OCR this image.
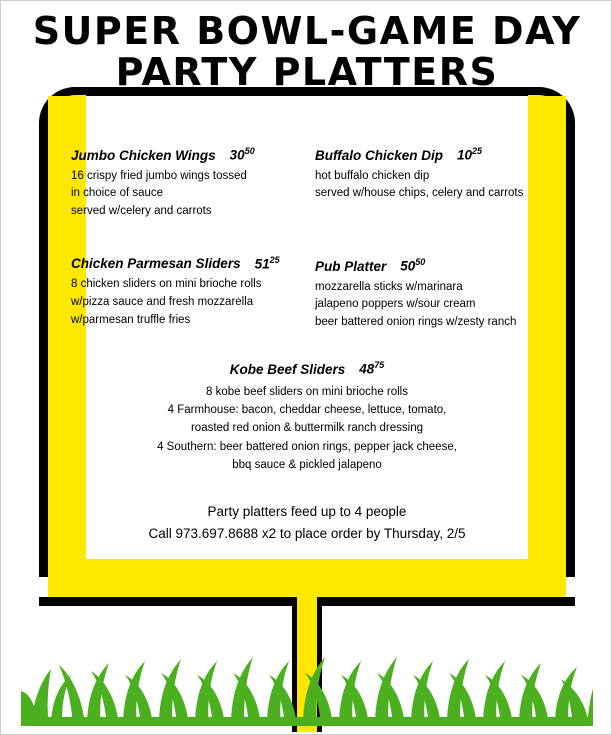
SUPER BOWL-GAME DAY
PARTY PLATTERS
Jumbo Chicken Wings $30^{50}$
16 crispy fried jumbo wings tossed
in choice of sauce
served w/celery and carrots
Chicken Parmesan Sliders $51^{25}$
8 chicken sliders on mini brioche rolls
w/pizza sauce and fresh mozzarella
w/parmesan truffle fries
Buffalo Chicken Dip $10^{25}$
hot buffalo chicken dip
served w/house chips, celery and carrots
Pub Platter $50^{50}$
mozzarella sticks w/marinara
jalapeno poppers w/sour cream
beer battered onion rings w/zesty ranch
Kobe Beef Sliders $48^{75}$
8 kobe beef sliders on mini brioche rolls
4 Farmhouse: bacon, cheddar cheese, lettuce, tomato,
roasted red onion & buttermilk ranch dressing
4 Southern: beer battered onion rings, pepper jack cheese,
bbq sauce & pickled jalapeno
Party platters feed up to 4 people
Call 973.697.8688 x2 to place order by Thursday, 2/5
